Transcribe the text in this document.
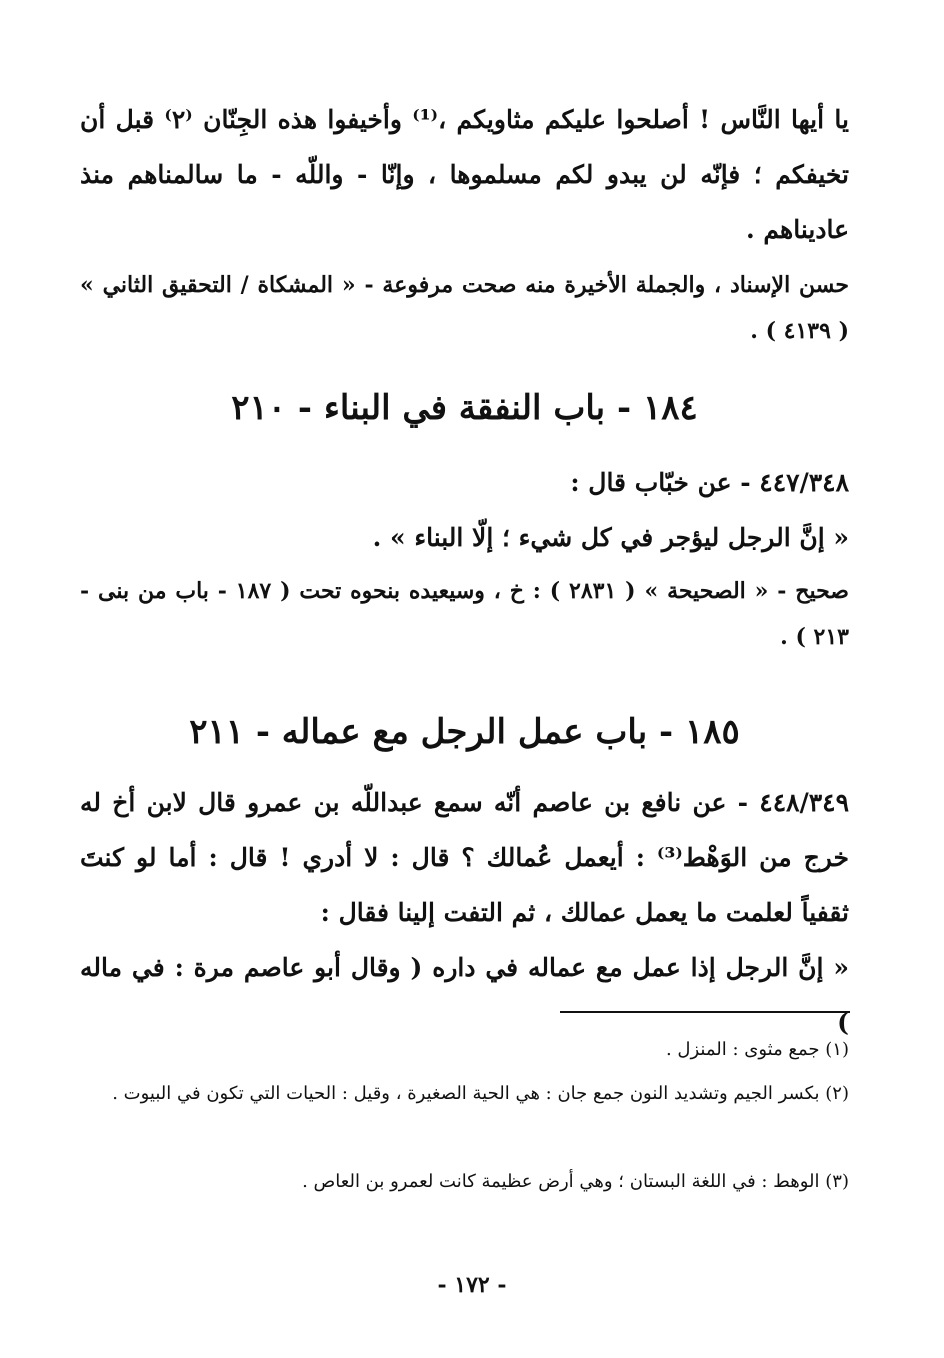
يا أيها النَّاس ! أصلحوا عليكم مثاويكم ،⁽¹⁾ وأخيفوا هذه الجِنّان ⁽٢⁾ قبل أن تخيفكم ؛ فإنّه لن يبدو لكم مسلموها ، وإنّا - واللّه - ما سالمناهم منذ عاديناهم .

حسن الإسناد ، والجملة الأخيرة منه صحت مرفوعة - « المشكاة / التحقيق الثاني » ( ٤١٣٩ ) .

١٨٤ - باب النفقة في البناء - ٢١٠

٤٤٧/٣٤٨ - عن خبّاب قال :

« إنَّ الرجل ليؤجر في كل شيء ؛ إلّا البناء » .

صحيح - « الصحيحة » ( ٢٨٣١ ) : خ ، وسيعيده بنحوه تحت ( ١٨٧ - باب من بنى - ٢١٣ ) .

١٨٥ - باب عمل الرجل مع عماله - ٢١١

٤٤٨/٣٤٩ - عن نافع بن عاصم أنّه سمع عبداللّه بن عمرو قال لابن أخ له خرج من الوَهْط⁽³⁾ : أيعمل عُمالك ؟ قال : لا أدري ! قال : أما لو كنتَ ثقفياً لعلمت ما يعمل عمالك ، ثم التفت إلينا فقال :

« إنَّ الرجل إذا عمل مع عماله في داره ( وقال أبو عاصم مرة : في ماله )

(١) جمع مثوى : المنزل .

(٢) بكسر الجيم وتشديد النون جمع جان : هي الحية الصغيرة ، وقيل : الحيات التي تكون في البيوت .

(٣) الوهط : في اللغة البستان ؛ وهي أرض عظيمة كانت لعمرو بن العاص .

- ١٧٢ -
